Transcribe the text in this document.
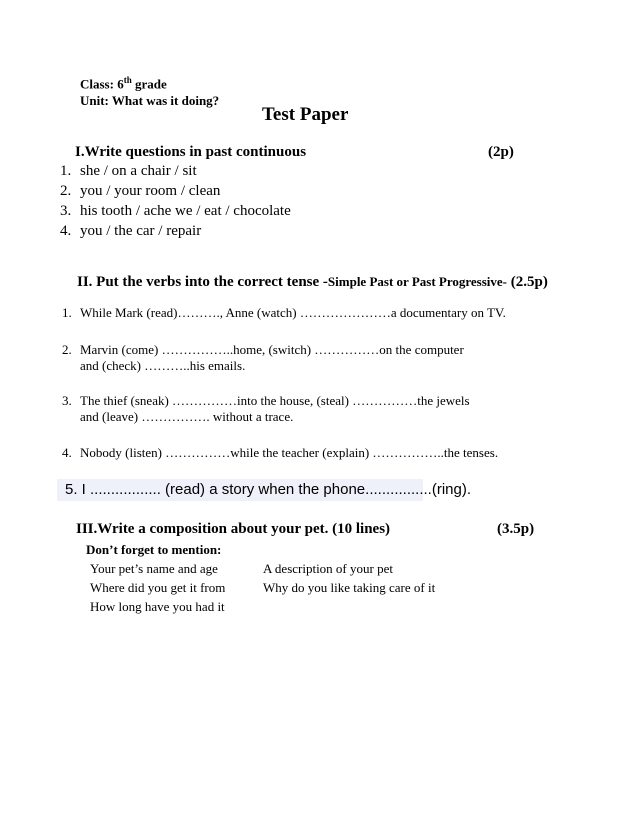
Class: 6th grade
Unit: What was it doing?
Test Paper
I.Write questions in past continuous	(2p)
1. she / on a chair / sit
2. you / your room / clean
3. his tooth / ache we / eat / chocolate
4. you / the car / repair
II. Put the verbs into the correct tense -Simple Past or Past Progressive- (2.5p)
1. While Mark (read)………., Anne (watch) …………………a documentary on TV.
2. Marvin (come) ……………..home, (switch) ……………on the computer
and (check) ………..his emails.
3. The thief (sneak) ……………into the house, (steal) ……………the jewels
and (leave) ……………. without a trace.
4. Nobody (listen) ……………while the teacher (explain) ……………..the tenses.
5. I ................. (read) a story when the phone................(ring).
III.Write a composition about your pet. (10 lines)	(3.5p)
Don’t forget to mention:
Your pet’s name and age
Where did you get it from
How long have you had it
A description of your pet
Why do you like taking care of it
